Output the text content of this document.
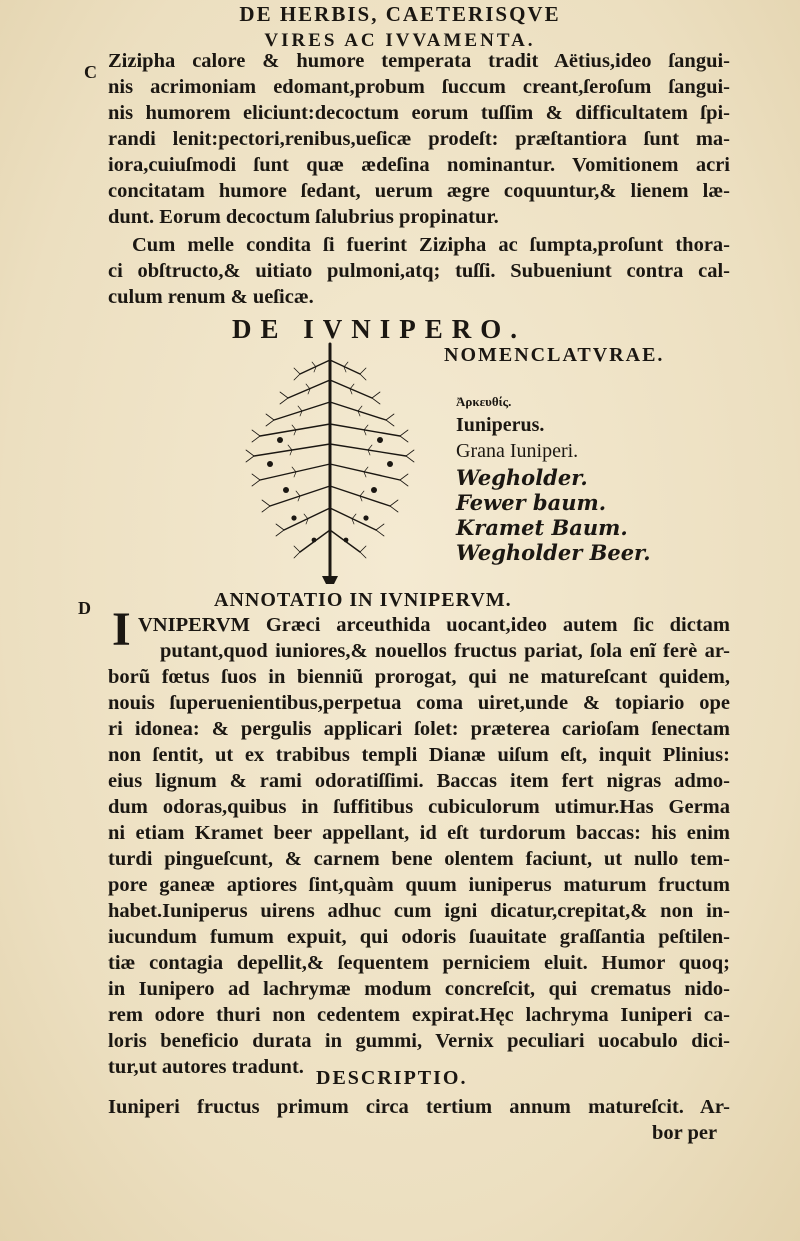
DE HERBIS, CAETERISQVE
VIRES AC IVVAMENTA.
C
D
Zizipha calore & humore temperata tradit Aëtius,ideo ſangui-
nis acrimoniam edomant,probum ſuccum creant,ſeroſum ſangui-
nis humorem eliciunt:decoctum eorum tuſſim & difficultatem ſpi-
randi lenit:pectori,renibus,ueſicæ prodeſt: præſtantiora ſunt ma-
iora,cuiuſmodi ſunt quæ ædeſina nominantur. Vomitionem acri
concitatam humore ſedant, uerum ægre coquuntur,& lienem læ-
dunt. Eorum decoctum ſalubrius propinatur.
Cum melle condita ſi fuerint Zizipha ac ſumpta,proſunt thora-
ci obſtructo,& uitiato pulmoni,atq; tuſſi. Subueniunt contra cal-
culum renum & ueſicæ.
DE IVNIPERO.
NOMENCLATVRAE.
Ἀρκευθίς.
Iuniperus.
Grana Iuniperi.
Wegholder.
Fewer baum.
Kramet Baum.
Wegholder Beer.
ANNOTATIO IN IVNIPERVM.
I VNIPERVM Græci arceuthida uocant,ideo autem ſic dictam
putant,quod iuniores,& nouellos fructus pariat, ſola enĩ ferè ar-
borũ fœtus ſuos in bienniũ prorogat, qui ne matureſcant quidem,
nouis ſuperuenientibus,perpetua coma uiret,unde & topiario ope
ri idonea: & pergulis applicari ſolet: præterea carioſam ſenectam
non ſentit, ut ex trabibus templi Dianæ uiſum eſt, inquit Plinius:
eius lignum & rami odoratiſſimi. Baccas item fert nigras admo-
dum odoras,quibus in ſuffitibus cubiculorum utimur.Has Germa
ni etiam Kramet beer appellant, id eſt turdorum baccas: his enim
turdi pingueſcunt, & carnem bene olentem faciunt, ut nullo tem-
pore ganeæ aptiores ſint,quàm quum iuniperus maturum fructum
habet.Iuniperus uirens adhuc cum igni dicatur,crepitat,& non in-
iucundum fumum expuit, qui odoris ſuauitate graſſantia peſtilen-
tiæ contagia depellit,& ſequentem perniciem eluit. Humor quoq;
in Iunipero ad lachrymæ modum concreſcit, qui crematus nido-
rem odore thuri non cedentem expirat.Hęc lachryma Iuniperi ca-
loris beneficio durata in gummi, Vernix peculiari uocabulo dici-
tur,ut autores tradunt. DESCRIPTIO.
Iuniperi fructus primum circa tertium annum matureſcit. Ar-
bor per
